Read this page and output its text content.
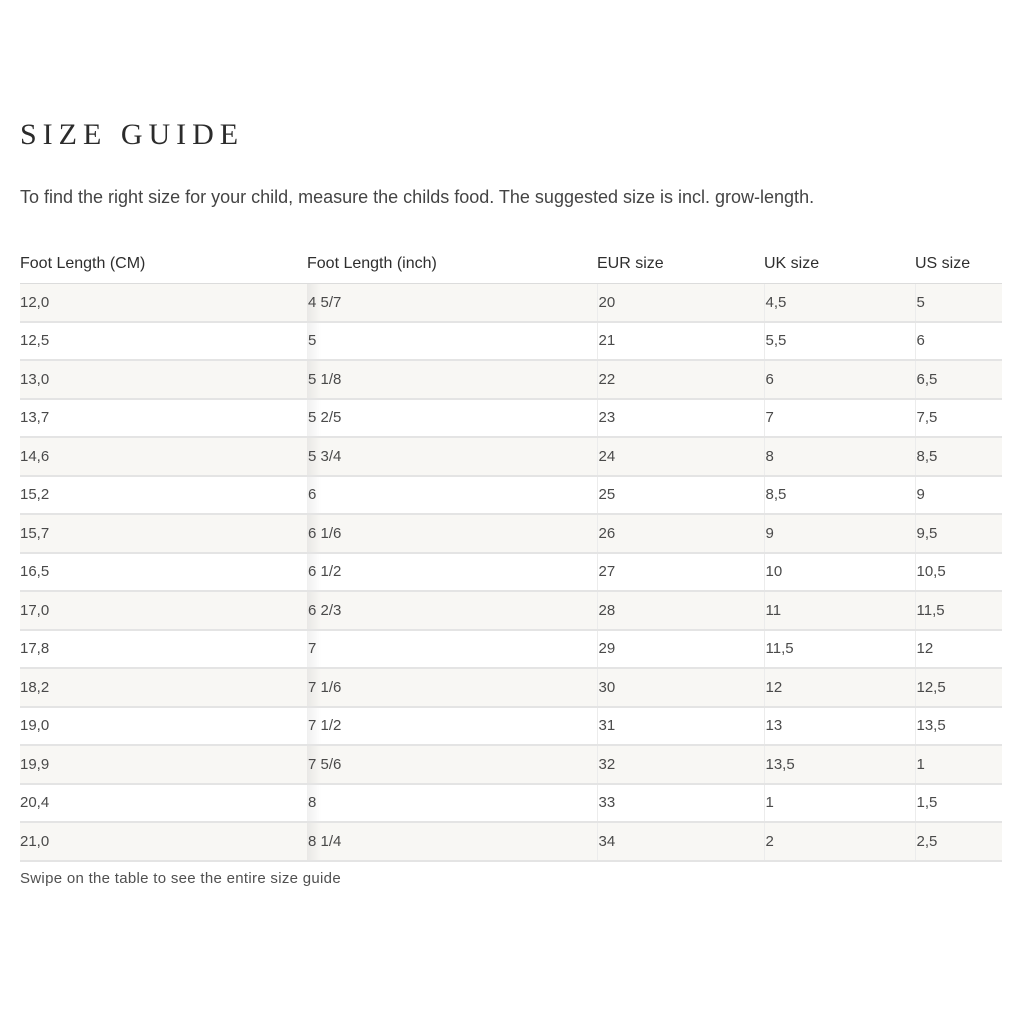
SIZE GUIDE

To find the right size for your child, measure the childs food. The suggested size is incl. grow-length.

Foot Length (CM)	Foot Length (inch)	EUR size	UK size	US size
12,0	4 5/7	20	4,5	5
12,5	5	21	5,5	6
13,0	5 1/8	22	6	6,5
13,7	5 2/5	23	7	7,5
14,6	5 3/4	24	8	8,5
15,2	6	25	8,5	9
15,7	6 1/6	26	9	9,5
16,5	6 1/2	27	10	10,5
17,0	6 2/3	28	11	11,5
17,8	7	29	11,5	12
18,2	7 1/6	30	12	12,5
19,0	7 1/2	31	13	13,5
19,9	7 5/6	32	13,5	1
20,4	8	33	1	1,5
21,0	8 1/4	34	2	2,5

Swipe on the table to see the entire size guide
